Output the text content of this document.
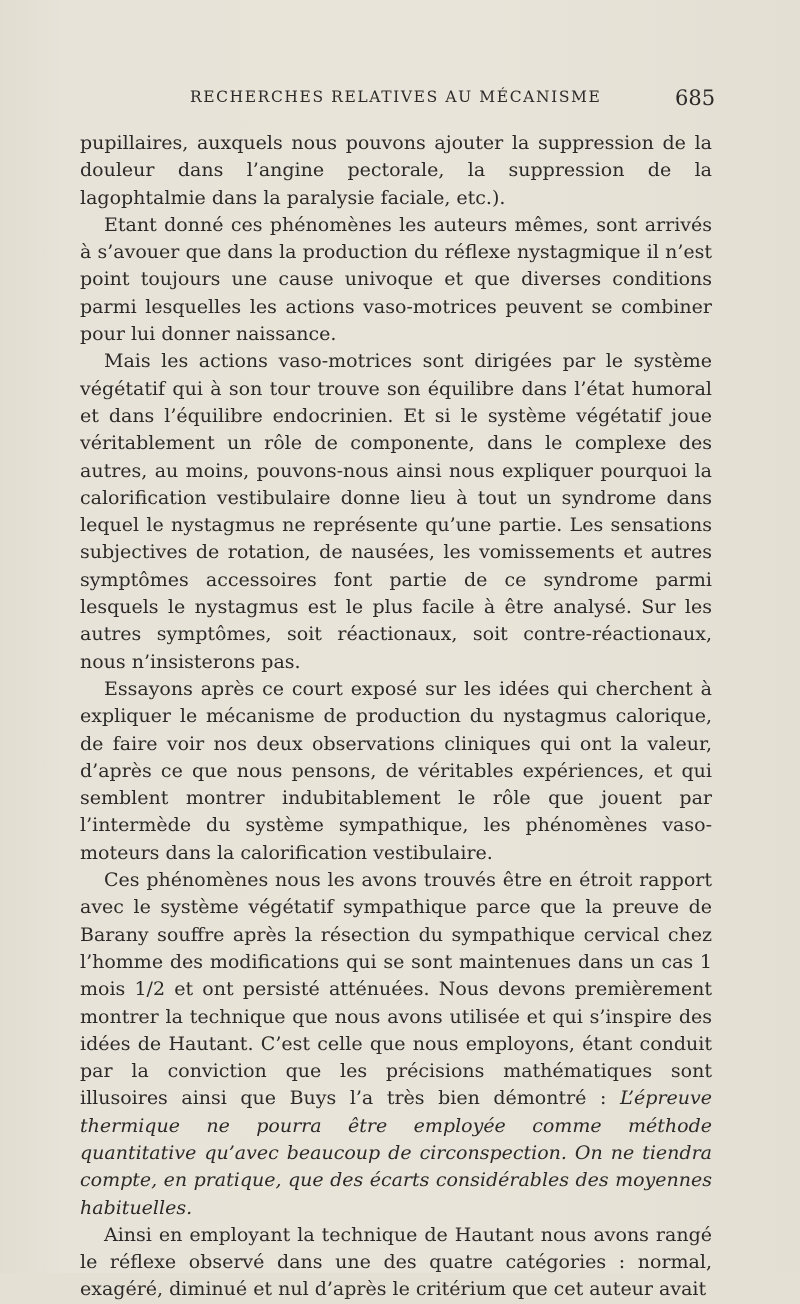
RECHERCHES RELATIVES AU MÉCANISME	685

pupillaires, auxquels nous pouvons ajouter la suppression de la douleur dans l’angine pectorale, la suppression de la lagophtalmie dans la paralysie faciale, etc.).

Etant donné ces phénomènes les auteurs mêmes, sont arrivés à s’avouer que dans la production du réflexe nystagmique il n’est point toujours une cause univoque et que diverses conditions parmi lesquelles les actions vaso-motrices peuvent se combiner pour lui donner naissance.

Mais les actions vaso-motrices sont dirigées par le système végétatif qui à son tour trouve son équilibre dans l’état humoral et dans l’équilibre endocrinien. Et si le système végétatif joue véritablement un rôle de componente, dans le complexe des autres, au moins, pouvons-nous ainsi nous expliquer pourquoi la calorification vestibulaire donne lieu à tout un syndrome dans lequel le nystagmus ne représente qu’une partie. Les sensations subjectives de rotation, de nausées, les vomissements et autres symptômes accessoires font partie de ce syndrome parmi lesquels le nystagmus est le plus facile à être analysé. Sur les autres symptômes, soit réactionaux, soit contre-réactionaux, nous n’insisterons pas.

Essayons après ce court exposé sur les idées qui cherchent à expliquer le mécanisme de production du nystagmus calorique, de faire voir nos deux observations cliniques qui ont la valeur, d’après ce que nous pensons, de véritables expériences, et qui semblent montrer indubitablement le rôle que jouent par l’intermède du système sympathique, les phénomènes vaso-moteurs dans la calorification vestibulaire.

Ces phénomènes nous les avons trouvés être en étroit rapport avec le système végétatif sympathique parce que la preuve de Barany souffre après la résection du sympathique cervical chez l’homme des modifications qui se sont maintenues dans un cas 1 mois 1/2 et ont persisté atténuées. Nous devons premièrement montrer la technique que nous avons utilisée et qui s’inspire des idées de Hautant. C’est celle que nous employons, étant conduit par la conviction que les précisions mathématiques sont illusoires ainsi que Buys l’a très bien démontré : L’épreuve thermique ne pourra être employée comme méthode quantitative qu’avec beaucoup de circonspection. On ne tiendra compte, en pratique, que des écarts considérables des moyennes habituelles.

Ainsi en employant la technique de Hautant nous avons rangé le réflexe observé dans une des quatre catégories : normal, exagéré, diminué et nul d’après le critérium que cet auteur avait
